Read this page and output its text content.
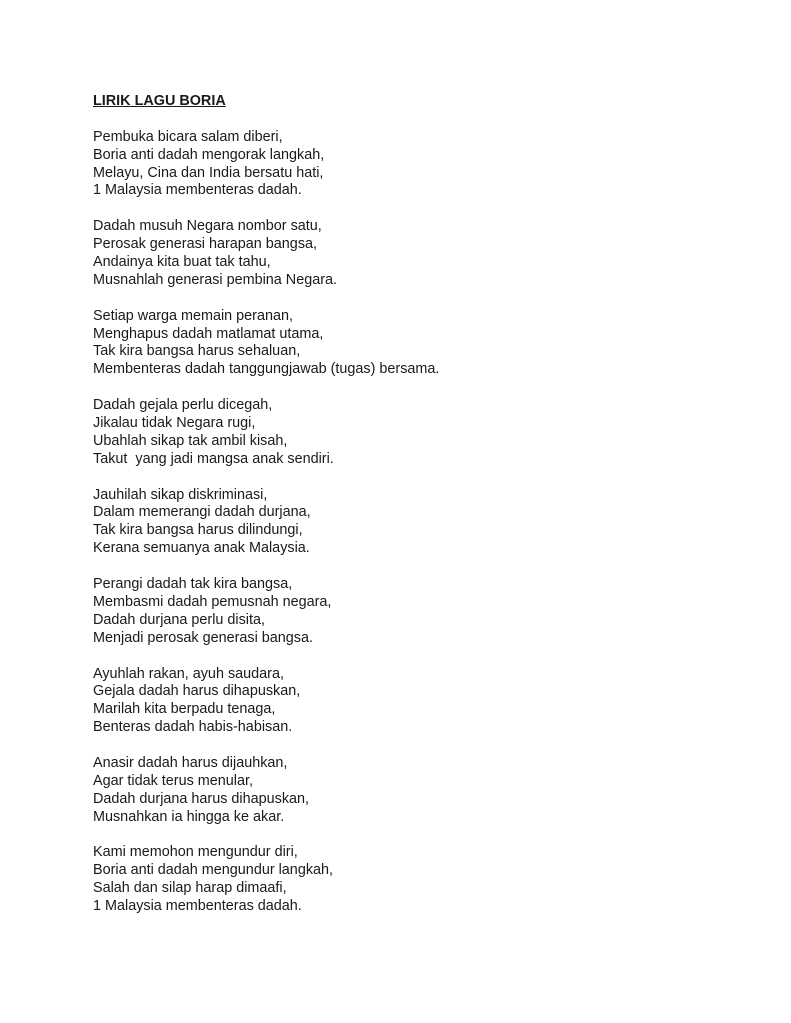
LIRIK LAGU BORIA
Pembuka bicara salam diberi,
Boria anti dadah mengorak langkah,
Melayu, Cina dan India bersatu hati,
1 Malaysia membenteras dadah.
Dadah musuh Negara nombor satu,
Perosak generasi harapan bangsa,
Andainya kita buat tak tahu,
Musnahlah generasi pembina Negara.
Setiap warga memain peranan,
Menghapus dadah matlamat utama,
Tak kira bangsa harus sehaluan,
Membenteras dadah tanggungjawab (tugas) bersama.
Dadah gejala perlu dicegah,
Jikalau tidak Negara rugi,
Ubahlah sikap tak ambil kisah,
Takut  yang jadi mangsa anak sendiri.
Jauhilah sikap diskriminasi,
Dalam memerangi dadah durjana,
Tak kira bangsa harus dilindungi,
Kerana semuanya anak Malaysia.
Perangi dadah tak kira bangsa,
Membasmi dadah pemusnah negara,
Dadah durjana perlu disita,
Menjadi perosak generasi bangsa.
Ayuhlah rakan, ayuh saudara,
Gejala dadah harus dihapuskan,
Marilah kita berpadu tenaga,
Benteras dadah habis-habisan.
Anasir dadah harus dijauhkan,
Agar tidak terus menular,
Dadah durjana harus dihapuskan,
Musnahkan ia hingga ke akar.
Kami memohon mengundur diri,
Boria anti dadah mengundur langkah,
Salah dan silap harap dimaafi,
1 Malaysia membenteras dadah.
